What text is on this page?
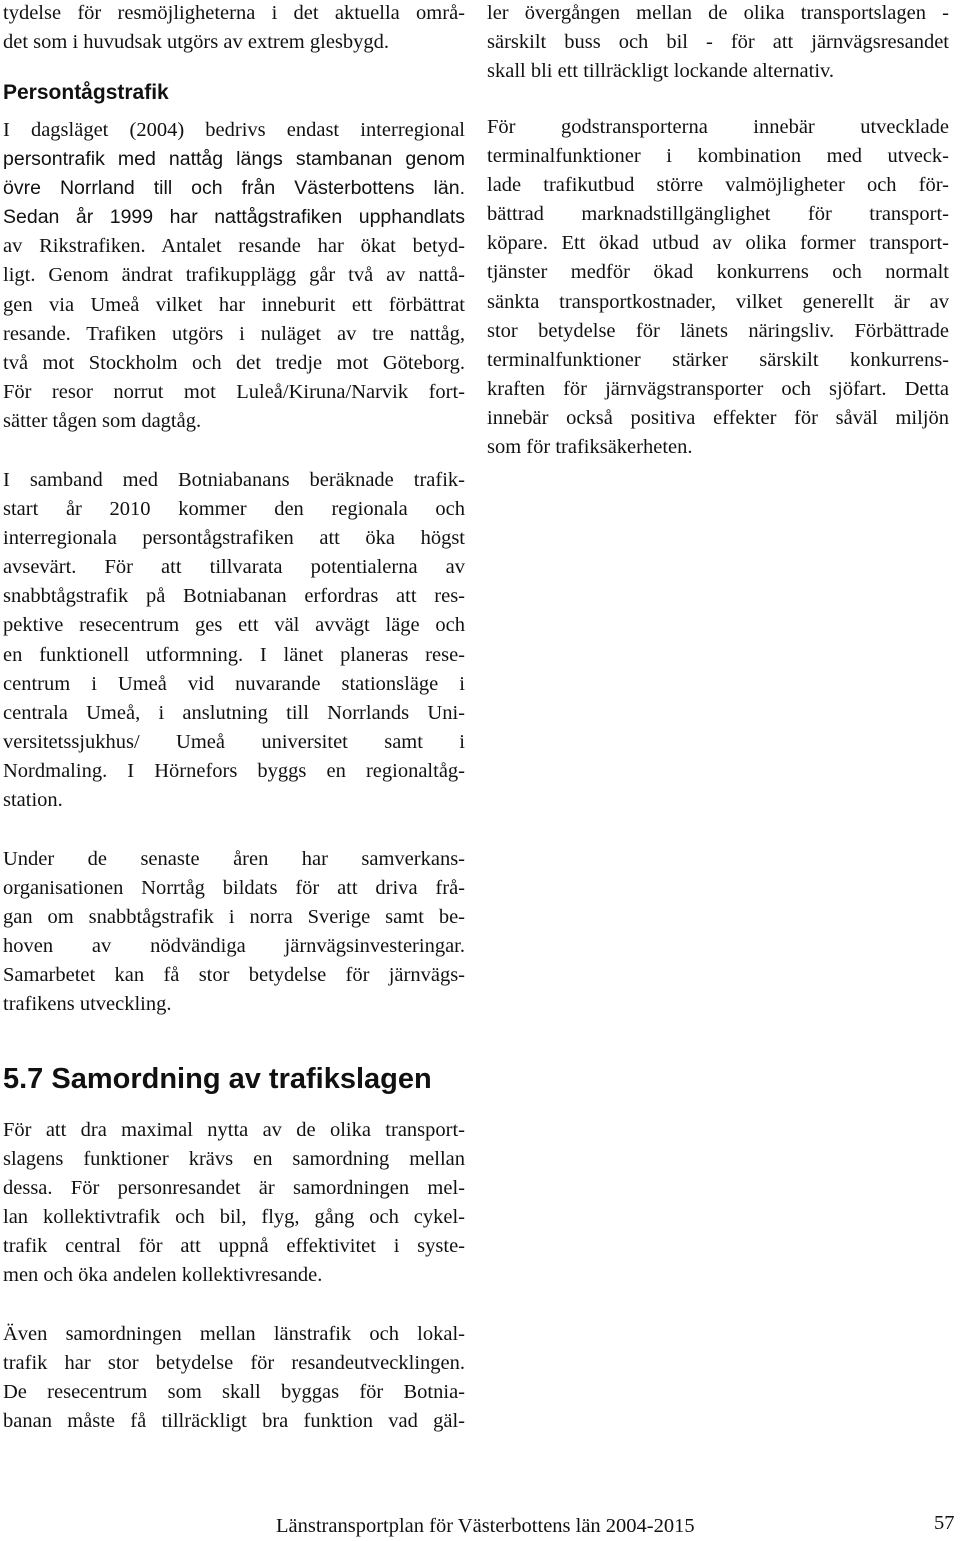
tydelse för resmöjligheterna i det aktuella områ-
det som i huvudsak utgörs av extrem glesbygd.
Persontågstrafik
I dagsläget (2004) bedrivs endast interregional
persontrafik med nattåg längs stambanan genom
övre Norrland till och från Västerbottens län.
Sedan år 1999 har nattågstrafiken upphandlats
av Rikstrafiken. Antalet resande har ökat betyd-
ligt. Genom ändrat trafikupplägg går två av nattå-
gen via Umeå vilket har inneburit ett förbättrat
resande. Trafiken utgörs i nuläget av tre nattåg,
två mot Stockholm och det tredje mot Göteborg.
För resor norrut mot Luleå/Kiruna/Narvik fort-
sätter tågen som dagtåg.
I samband med Botniabanans beräknade trafik-
start år 2010 kommer den regionala och
interregionala persontågstrafiken att öka högst
avsevärt. För att tillvarata potentialerna av
snabbtågstrafik på Botniabanan erfordras att res-
pektive resecentrum ges ett väl avvägt läge och
en funktionell utformning. I länet planeras rese-
centrum i Umeå vid nuvarande stationsläge i
centrala Umeå, i anslutning till Norrlands Uni-
versitetssjukhus/ Umeå universitet samt i
Nordmaling. I Hörnefors byggs en regionaltåg-
station.
Under de senaste åren har samverkans-
organisationen Norrtåg bildats för att driva frå-
gan om snabbtågstrafik i norra Sverige samt be-
hoven av nödvändiga järnvägsinvesteringar.
Samarbetet kan få stor betydelse för järnvägs-
trafikens utveckling.
5.7 Samordning av trafikslagen
För att dra maximal nytta av de olika transport-
slagens funktioner krävs en samordning mellan
dessa. För personresandet är samordningen mel-
lan kollektivtrafik och bil, flyg, gång och cykel-
trafik central för att uppnå effektivitet i syste-
men och öka andelen kollektivresande.
Även samordningen mellan länstrafik och lokal-
trafik har stor betydelse för resandeutvecklingen.
De resecentrum som skall byggas för Botnia-
banan måste få tillräckligt bra funktion vad gäl-
ler övergången mellan de olika transportslagen -
särskilt buss och bil - för att järnvägsresandet
skall bli ett tillräckligt lockande alternativ.
För godstransporterna innebär utvecklade
terminalfunktioner i kombination med utveck-
lade trafikutbud större valmöjligheter och för-
bättrad marknadstillgänglighet för transport-
köpare. Ett ökad utbud av olika former transport-
tjänster medför ökad konkurrens och normalt
sänkta transportkostnader, vilket generellt är av
stor betydelse för länets näringsliv. Förbättrade
terminalfunktioner stärker särskilt konkurrens-
kraften för järnvägstransporter och sjöfart. Detta
innebär också positiva effekter för såväl miljön
som för trafiksäkerheten.
Länstransportplan för Västerbottens län 2004-2015	57
